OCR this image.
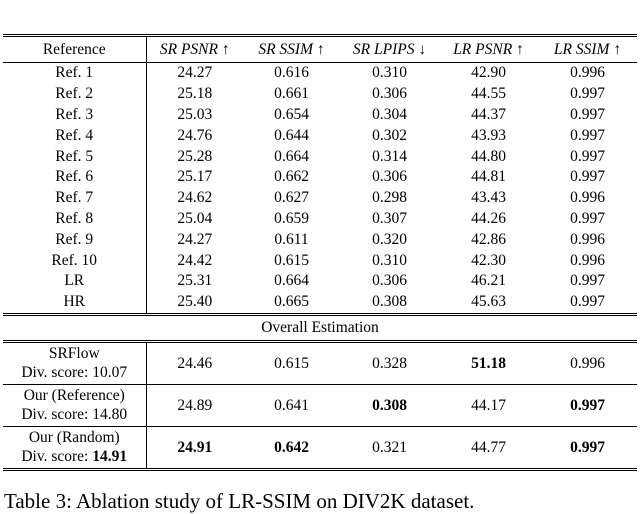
Reference	SR PSNR ↑	SR SSIM ↑	SR LPIPS ↓	LR PSNR ↑	LR SSIM ↑
Ref. 1	24.27	0.616	0.310	42.90	0.996
Ref. 2	25.18	0.661	0.306	44.55	0.997
Ref. 3	25.03	0.654	0.304	44.37	0.997
Ref. 4	24.76	0.644	0.302	43.93	0.997
Ref. 5	25.28	0.664	0.314	44.80	0.997
Ref. 6	25.17	0.662	0.306	44.81	0.997
Ref. 7	24.62	0.627	0.298	43.43	0.996
Ref. 8	25.04	0.659	0.307	44.26	0.997
Ref. 9	24.27	0.611	0.320	42.86	0.996
Ref. 10	24.42	0.615	0.310	42.30	0.996
LR	25.31	0.664	0.306	46.21	0.997
HR	25.40	0.665	0.308	45.63	0.997
Overall Estimation					

SRFlow
Div. score: 10.07	24.46	0.615	0.328	51.18	0.996

Our (Reference)
Div. score: 14.80	24.89	0.641	0.308	44.17	0.997

Our (Random)
Div. score: 14.91	24.91	0.642	0.321	44.77	0.997
Table 3: Ablation study of LR-SSIM on DIV2K dataset.
